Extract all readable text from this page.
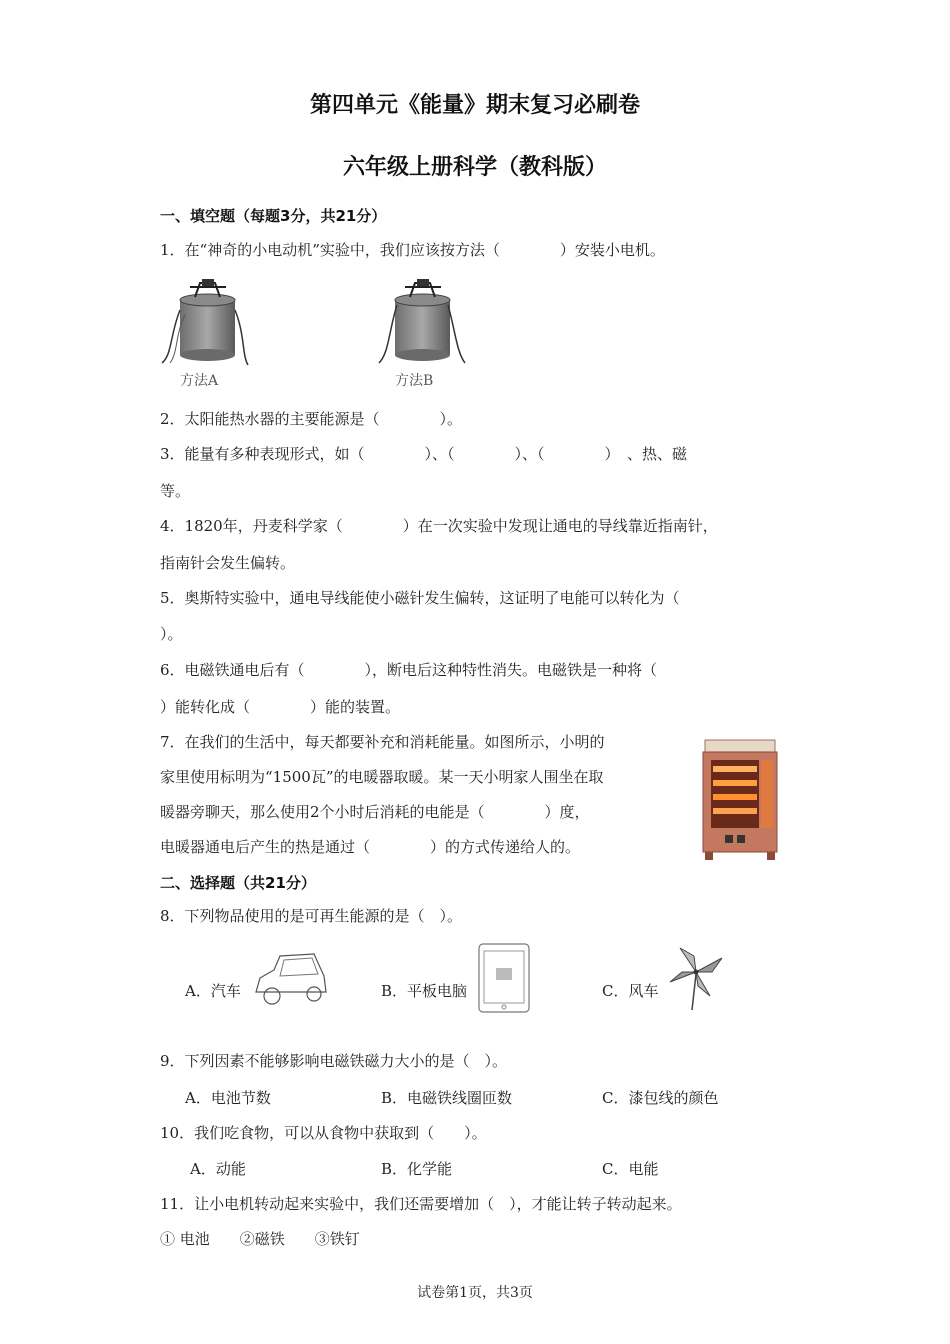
第四单元《能量》期末复习必刷卷
六年级上册科学（教科版）
一、填空题（每题3分，共21分）
1．在“神奇的小电动机”实验中，我们应该按方法（　　　　）安装小电机。
方法A	方法B
2．太阳能热水器的主要能源是（　　　　）。
3．能量有多种表现形式，如（　　　　）、（　　　　）、（　　　　）　、热、磁
等。
4．1820年，丹麦科学家（　　　　）在一次实验中发现让通电的导线靠近指南针，
指南针会发生偏转。
5．奥斯特实验中，通电导线能使小磁针发生偏转，这证明了电能可以转化为（
）。
6．电磁铁通电后有（　　　　），断电后这种特性消失。电磁铁是一种将（
）能转化成（　　　　）能的装置。
7．在我们的生活中，每天都要补充和消耗能量。如图所示，小明的
家里使用标明为“1500瓦”的电暖器取暖。某一天小明家人围坐在取
暖器旁聊天，那么使用2个小时后消耗的电能是（　　　　）度，
电暖器通电后产生的热是通过（　　　　）的方式传递给人的。
二、选择题（共21分）
8．下列物品使用的是可再生能源的是（　）。
A．汽车	B．平板电脑	C．风车
9．下列因素不能够影响电磁铁磁力大小的是（　）。
A．电池节数	B．电磁铁线圈匝数	C．漆包线的颜色
10．我们吃食物，可以从食物中获取到（　　）。
A．动能	B．化学能	C．电能
11．让小电机转动起来实验中，我们还需要增加（　），才能让转子转动起来。
① 电池　　②磁铁　　③铁钉
试卷第1页，共3页
